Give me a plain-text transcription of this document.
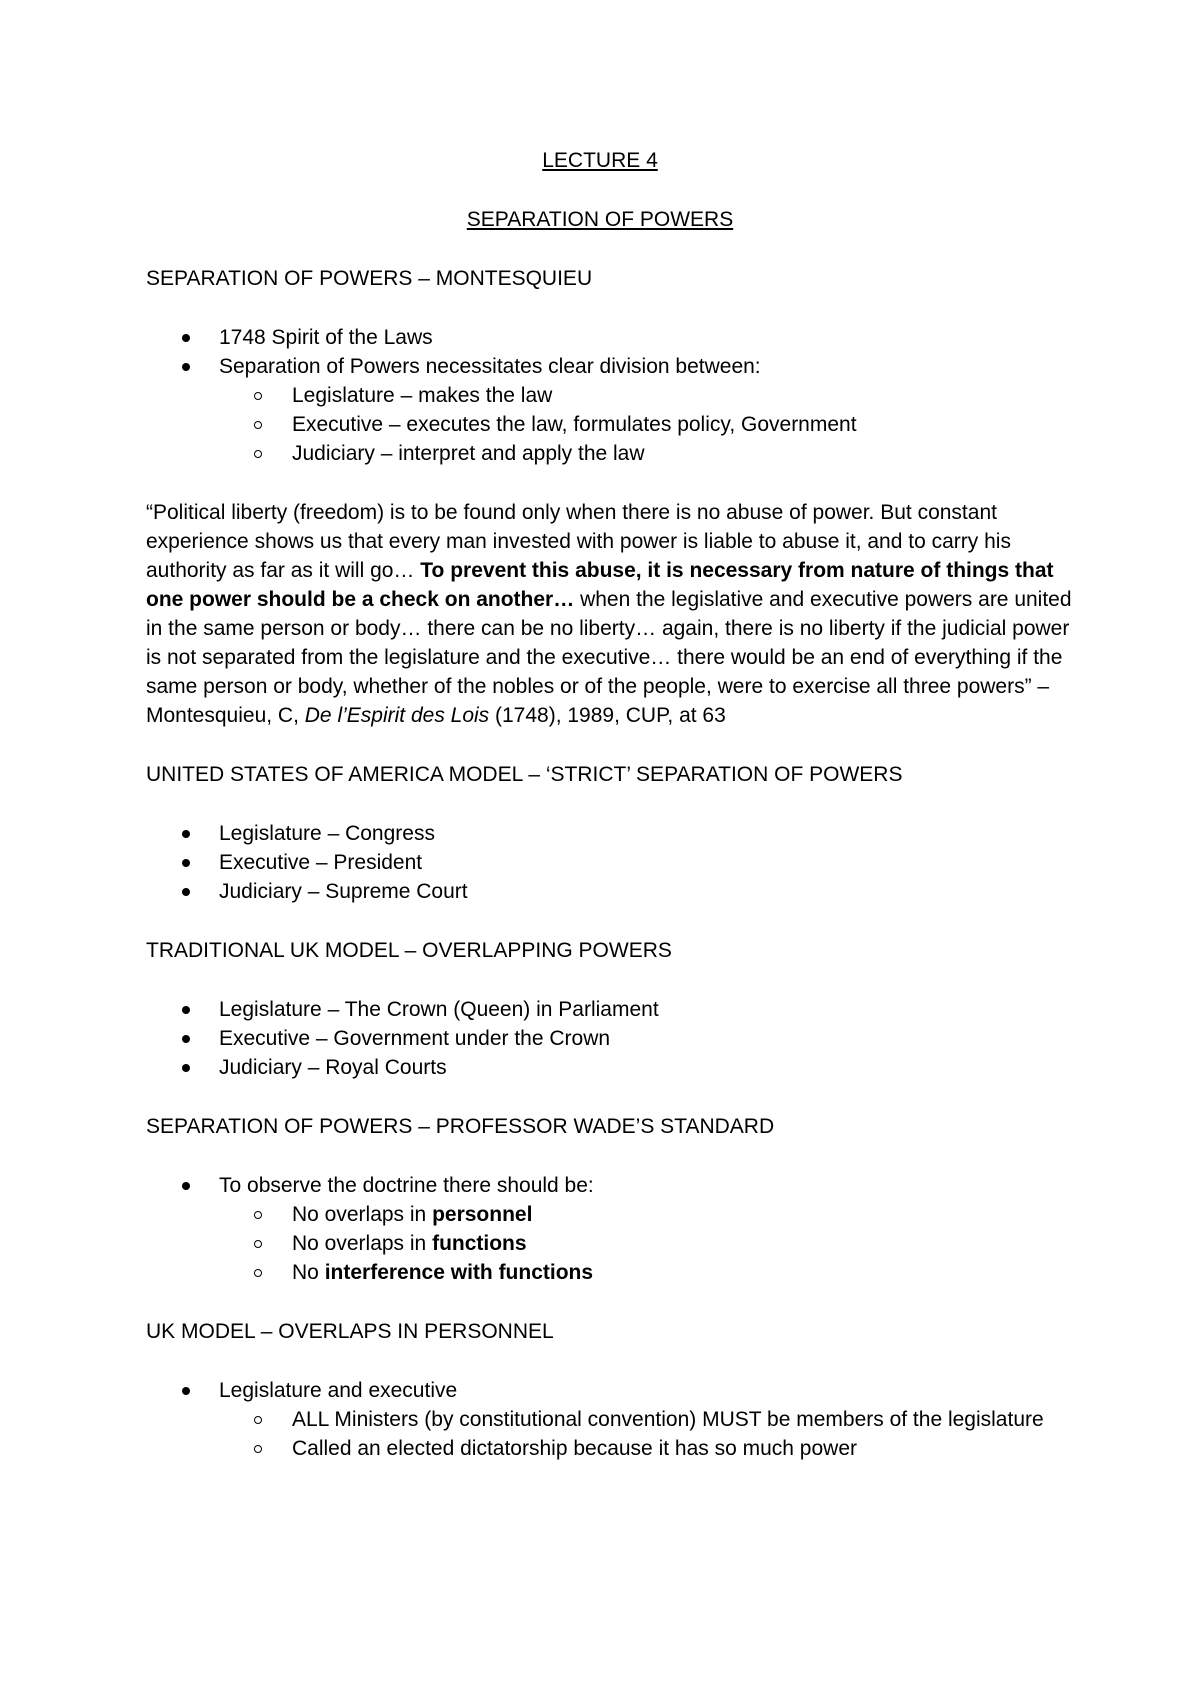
LECTURE 4
SEPARATION OF POWERS
SEPARATION OF POWERS – MONTESQUIEU
1748 Spirit of the Laws
Separation of Powers necessitates clear division between:
Legislature – makes the law
Executive – executes the law, formulates policy, Government
Judiciary – interpret and apply the law
“Political liberty (freedom) is to be found only when there is no abuse of power. But constant experience shows us that every man invested with power is liable to abuse it, and to carry his authority as far as it will go… To prevent this abuse, it is necessary from nature of things that one power should be a check on another… when the legislative and executive powers are united in the same person or body… there can be no liberty… again, there is no liberty if the judicial power is not separated from the legislature and the executive… there would be an end of everything if the same person or body, whether of the nobles or of the people, were to exercise all three powers” – Montesquieu, C, De l’Espirit des Lois (1748), 1989, CUP, at 63
UNITED STATES OF AMERICA MODEL – ‘STRICT’ SEPARATION OF POWERS
Legislature – Congress
Executive – President
Judiciary – Supreme Court
TRADITIONAL UK MODEL – OVERLAPPING POWERS
Legislature – The Crown (Queen) in Parliament
Executive – Government under the Crown
Judiciary – Royal Courts
SEPARATION OF POWERS – PROFESSOR WADE’S STANDARD
To observe the doctrine there should be:
No overlaps in personnel
No overlaps in functions
No interference with functions
UK MODEL – OVERLAPS IN PERSONNEL
Legislature and executive
ALL Ministers (by constitutional convention) MUST be members of the legislature
Called an elected dictatorship because it has so much power
